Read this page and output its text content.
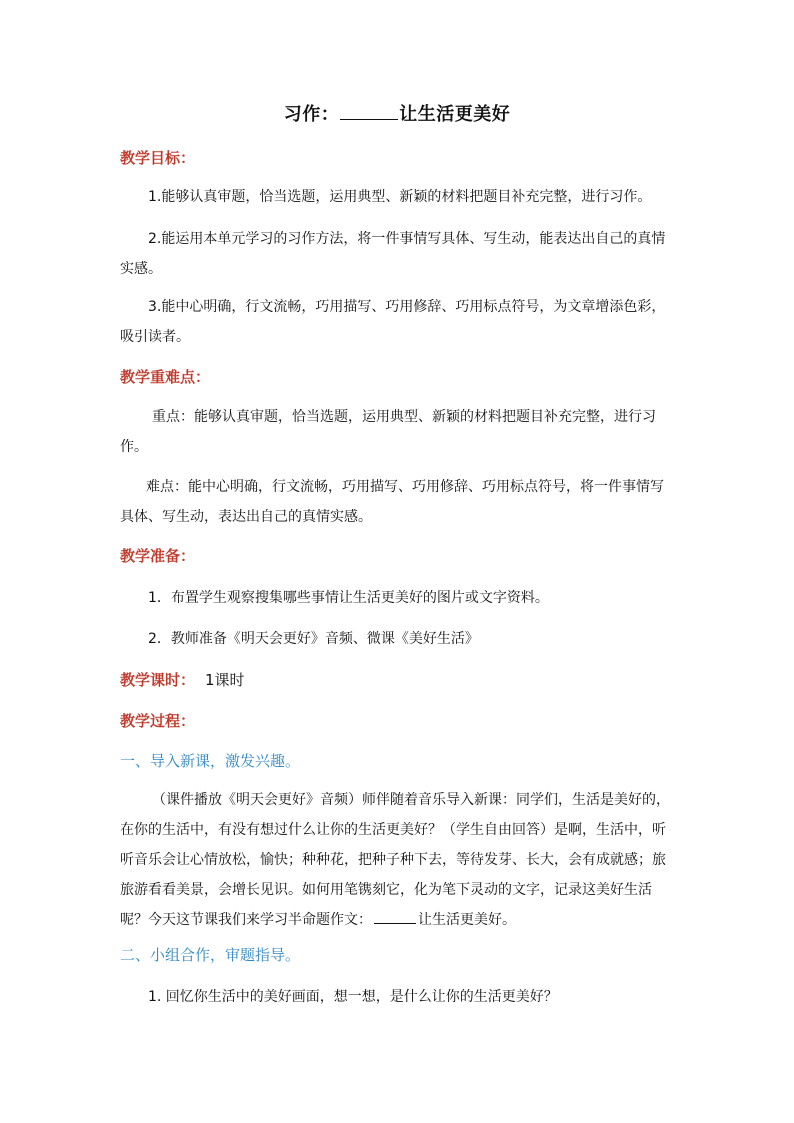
习作：	让生活更美好
教学目标：
1.能够认真审题，恰当选题，运用典型、新颖的材料把题目补充完整，进行习作。
2.能运用本单元学习的习作方法，将一件事情写具体、写生动，能表达出自己的真情实感。
3.能中心明确，行文流畅，巧用描写、巧用修辞、巧用标点符号，为文章增添色彩，吸引读者。
教学重难点：
重点：能够认真审题，恰当选题，运用典型、新颖的材料把题目补充完整，进行习作。
难点：能中心明确，行文流畅，巧用描写、巧用修辞、巧用标点符号，将一件事情写具体、写生动，表达出自己的真情实感。
教学准备：
1．布置学生观察搜集哪些事情让生活更美好的图片或文字资料。
2．教师准备《明天会更好》音频、微课《美好生活》
教学课时： 1课时
教学过程：
一、导入新课，激发兴趣。
（课件播放《明天会更好》音频）师伴随着音乐导入新课：同学们，生活是美好的，在你的生活中，有没有想过什么让你的生活更美好？（学生自由回答）是啊，生活中，听听音乐会让心情放松，愉快；种种花，把种子种下去，等待发芽、长大，会有成就感；旅旅游看看美景，会增长见识。如何用笔镌刻它，化为笔下灵动的文字，记录这美好生活呢？今天这节课我们来学习半命题作文：	让生活更美好。
二、小组合作，审题指导。
1. 回忆你生活中的美好画面，想一想，是什么让你的生活更美好？
